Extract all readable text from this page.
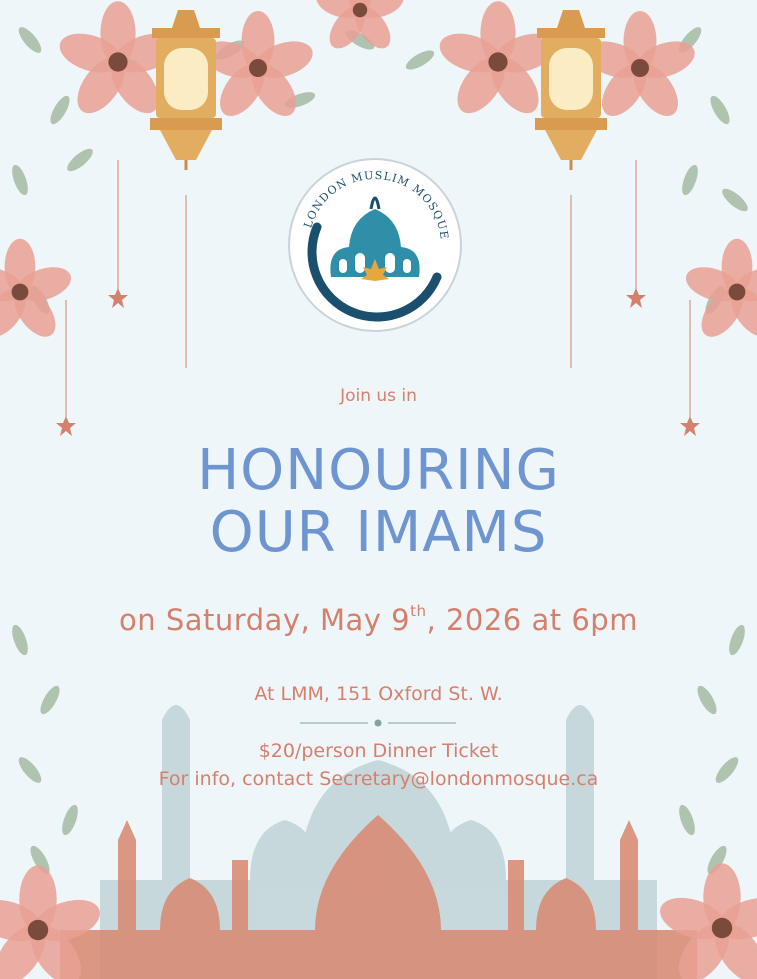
LONDON MUSLIM MOSQUE

Join us in

HONOURING
OUR IMAMS

on Saturday, May 9th, 2026 at 6pm

At LMM, 151 Oxford St. W.

$20/person Dinner Ticket

For info, contact Secretary@londonmosque.ca
